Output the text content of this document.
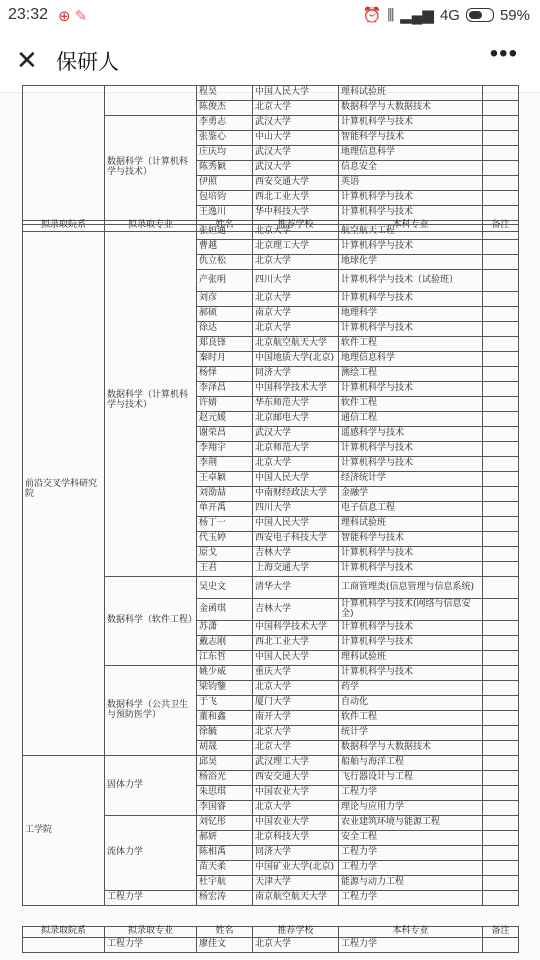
23:32 ⊕ ✎	⏰ ⫼ ▂▄▆ 4G	59%
✕ 保研人	•••
		程昊	中国人民大学	理科试验班	
		陈俊杰	北京大学	数据科学与大数据技术	
	数据科学（计算机科学与技术）	李勇志	武汉大学	计算机科学与技术	
		张鉴心	中山大学	智能科学与技术	
		庄庆均	武汉大学	地理信息科学	
		陈秀颖	武汉大学	信息安全	
		伊照	西安交通大学	英语	
		包培钧	西北工业大学	计算机科学与技术	
		王逸川	华中科技大学	计算机科学与技术	
拟录取院系	拟录取专业	姓名	推荐学校	本科专业	备注
前沿交叉学科研究院	数据科学（计算机科学与技术）	张姮通	北京大学	航空航天工程	
		曹越	北京理工大学	计算机科学与技术	
		仇立松	北京大学	地球化学	
		产张明	四川大学	计算机科学与技术（试验班）	
		刘彦	北京大学	计算机科学与技术	
		郝硕	南京大学	地理科学	
		徐达	北京大学	计算机科学与技术	
		郑良锋	北京航空航天大学	软件工程	
		秦时月	中国地质大学(北京)	地理信息科学	
		杨怿	同济大学	测绘工程	
		李泽昌	中国科学技术大学	计算机科学与技术	
		许婧	华东师范大学	软件工程	
		赵元媛	北京邮电大学	通信工程	
		谢荣昌	武汉大学	遥感科学与技术	
		李翔宇	北京师范大学	计算机科学与技术	
		李荆	北京大学	计算机科学与技术	
		王卓颖	中国人民大学	经济统计学	
		刘劭喆	中南财经政法大学	金融学	
		单开禹	四川大学	电子信息工程	
		杨丁一	中国人民大学	理科试验班	
		代玉婷	西安电子科技大学	智能科学与技术	
		原戈	吉林大学	计算机科学与技术	
		王君	上海交通大学	计算机科学与技术	
	数据科学（软件工程）	吴史文	清华大学	工商管理类(信息管理与信息系统)	
		金函琪	吉林大学	计算机科学与技术(网络与信息安全)	
		苏潇	中国科学技术大学	计算机科学与技术	
		戴志刚	西北工业大学	计算机科学与技术	
		江东哲	中国人民大学	理科试验班	
	数据科学（公共卫生与预防医学）	姚少威	重庆大学	计算机科学与技术	
		梁钧鑒	北京大学	药学	
		于飞	厦门大学	自动化	
		董和鑫	南开大学	软件工程	
		徐毓	北京大学	统计学	
		胡晟	北京大学	数据科学与大数据技术	
工学院	固体力学	邱昊	武汉理工大学	船舶与海洋工程	
		杨浴光	西安交通大学	飞行器设计与工程	
		朱思琪	中国农业大学	工程力学	
		李国睿	北京大学	理论与应用力学	
	流体力学	刘钇彤	中国农业大学	农业建筑环境与能源工程	
		郝妍	北京科技大学	安全工程	
		陈相禹	同济大学	工程力学	
		苗天柔	中国矿业大学(北京)	工程力学	
		杜宇航	天津大学	能源与动力工程	
	工程力学	杨宏涛	南京航空航天大学	工程力学	
拟录取院系	拟录取专业	姓名	推荐学校	本科专业	备注
	工程力学	廖佳文	北京大学	工程力学	
